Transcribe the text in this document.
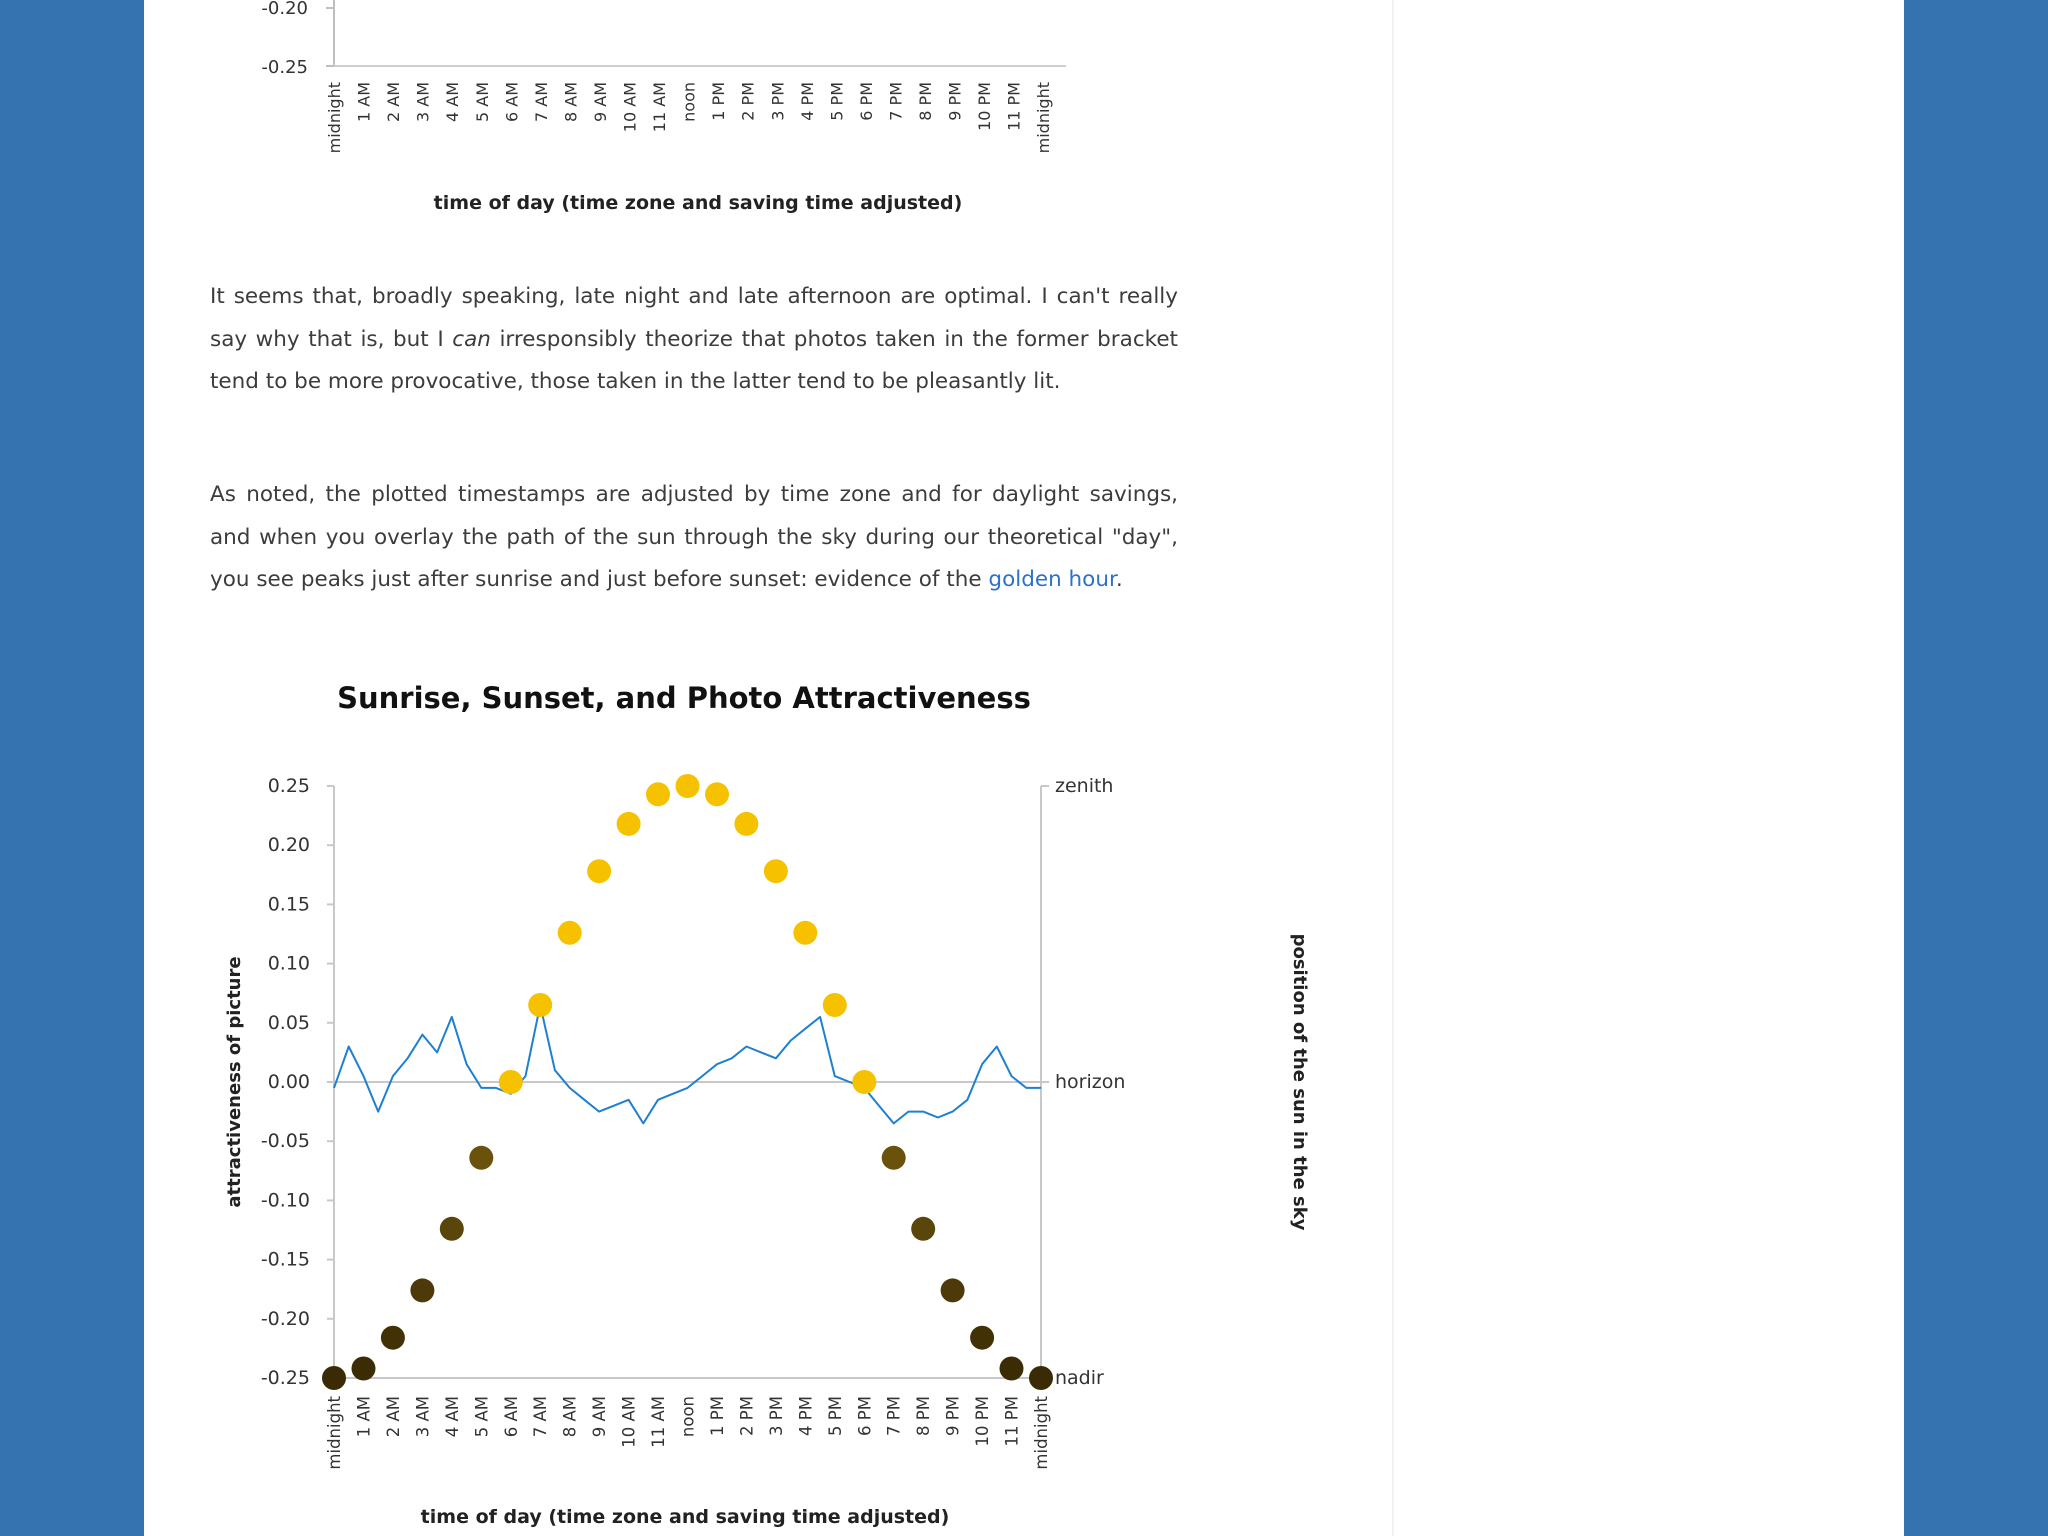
-0.20
-0.25
midnight 1 AM 2 AM 3 AM 4 AM 5 AM 6 AM 7 AM 8 AM 9 AM 10 AM 11 AM noon 1 PM 2 PM 3 PM 4 PM 5 PM 6 PM 7 PM 8 PM 9 PM 10 PM 11 PM midnight
time of day (time zone and saving time adjusted)

It seems that, broadly speaking, late night and late afternoon are optimal. I can't really say why that is, but I can irresponsibly theorize that photos taken in the former bracket tend to be more provocative, those taken in the latter tend to be pleasantly lit.

As noted, the plotted timestamps are adjusted by time zone and for daylight savings, and when you overlay the path of the sun through the sky during our theoretical "day", you see peaks just after sunrise and just before sunset: evidence of the golden hour.

Sunrise, Sunset, and Photo Attractiveness
0.25
0.20
0.15
0.10
0.05
0.00
-0.05
-0.10
-0.15
-0.20
-0.25
zenith
horizon
nadir
midnight 1 AM 2 AM 3 AM 4 AM 5 AM 6 AM 7 AM 8 AM 9 AM 10 AM 11 AM noon 1 PM 2 PM 3 PM 4 PM 5 PM 6 PM 7 PM 8 PM 9 PM 10 PM 11 PM midnight
attractiveness of picture	position of the sun in the sky
time of day (time zone and saving time adjusted)
